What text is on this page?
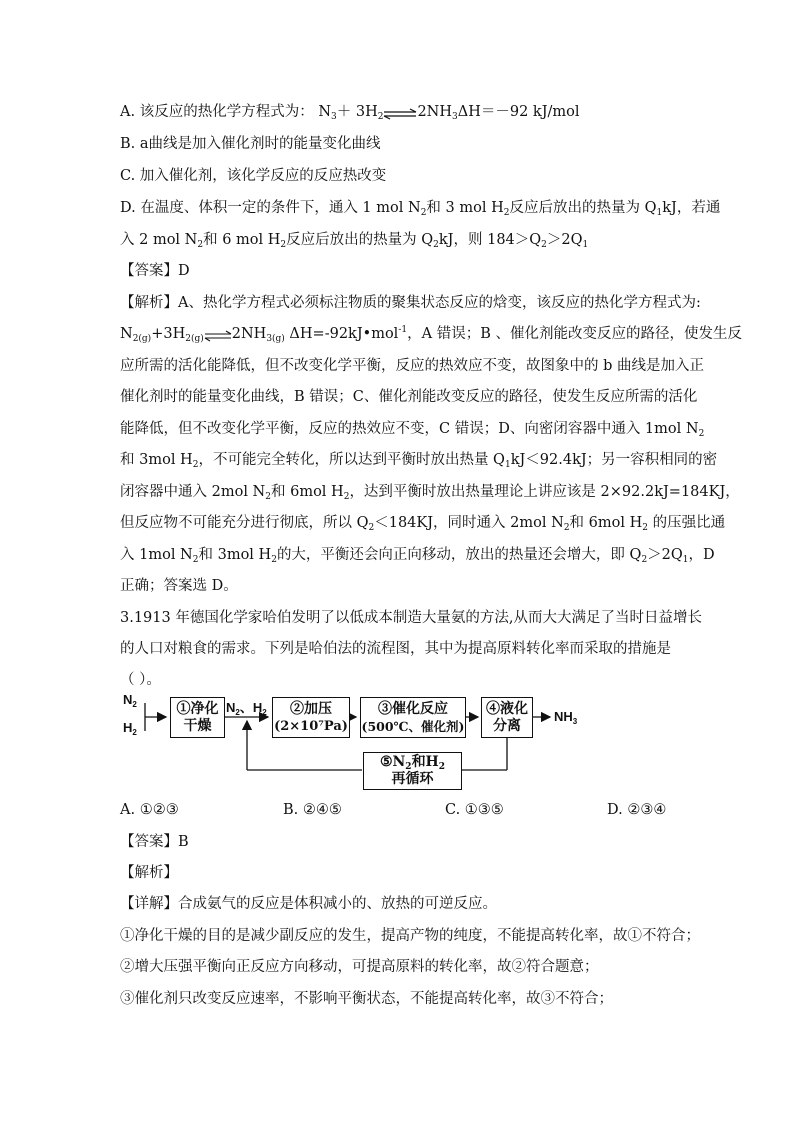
A. 该反应的热化学方程式为： $N_3+$ $3H_2\rightleftharpoons 2NH_3\Delta H=-92$ kJ/mol
B. a曲线是加入催化剂时的能量变化曲线
C. 加入催化剂，该化学反应的反应热改变
D. 在温度、体积一定的条件下，通入 1 mol $N_2$和 3 mol $H_2$反应后放出的热量为 $Q_1kJ$，若通
入 2 mol $N_2$和 6 mol $H_2$反应后放出的热量为 $Q_2kJ$，则 $184>Q_2>2Q_1$
【答案】D
【解析】A、热化学方程式必须标注物质的聚集状态反应的焓变，该反应的热化学方程式为:
$N_{2(g)}+3H_{2(g)}\rightleftharpoons 2NH_{3(g)}$ ΔH=-92kJ•mol$^{-1}$，A 错误；B 、催化剂能改变反应的路径，使发生反
应所需的活化能降低，但不改变化学平衡，反应的热效应不变，故图象中的 b 曲线是加入正
催化剂时的能量变化曲线，B 错误；C、催化剂能改变反应的路径，使发生反应所需的活化
能降低，但不改变化学平衡，反应的热效应不变，C 错误；D、向密闭容器中通入 1mol $N_2$
和 3mol $H_2$，不可能完全转化，所以达到平衡时放出热量 $Q_1kJ<92.4kJ$；另一容积相同的密
闭容器中通入 2mol $N_2$和 6mol $H_2$，达到平衡时放出热量理论上讲应该是 2×92.2kJ=184KJ，
但反应物不可能充分进行彻底，所以 $Q_2<184KJ$，同时通入 2mol $N_2$和 6mol $H_2$ 的压强比通
入 1mol $N_2$和 3mol $H_2$的大，平衡还会向正向移动，放出的热量还会增大，即 $Q_2>2Q_1$，D
正确；答案选 D。
3.1913 年德国化学家哈伯发明了以低成本制造大量氨的方法,从而大大满足了当时日益增长
的人口对粮食的需求。下列是哈伯法的流程图，其中为提高原料转化率而采取的措施是
（ ）。
$N_2$
$H_2$
①净化
干燥
$N_2$、$H_2$ ②加压
(2×10⁷Pa)
③催化反应
(500℃、催化剂)
④液化
分离
$NH_3$
$⑤N_2$和$H_2$
再循环
A. ①②③	B. ②④⑤	C. ①③⑤	D. ②③④
【答案】B
【解析】
【详解】合成氨气的反应是体积减小的、放热的可逆反应。
①净化干燥的目的是减少副反应的发生，提高产物的纯度，不能提高转化率，故①不符合；
②增大压强平衡向正反应方向移动，可提高原料的转化率，故②符合题意；
③催化剂只改变反应速率，不影响平衡状态，不能提高转化率，故③不符合；
